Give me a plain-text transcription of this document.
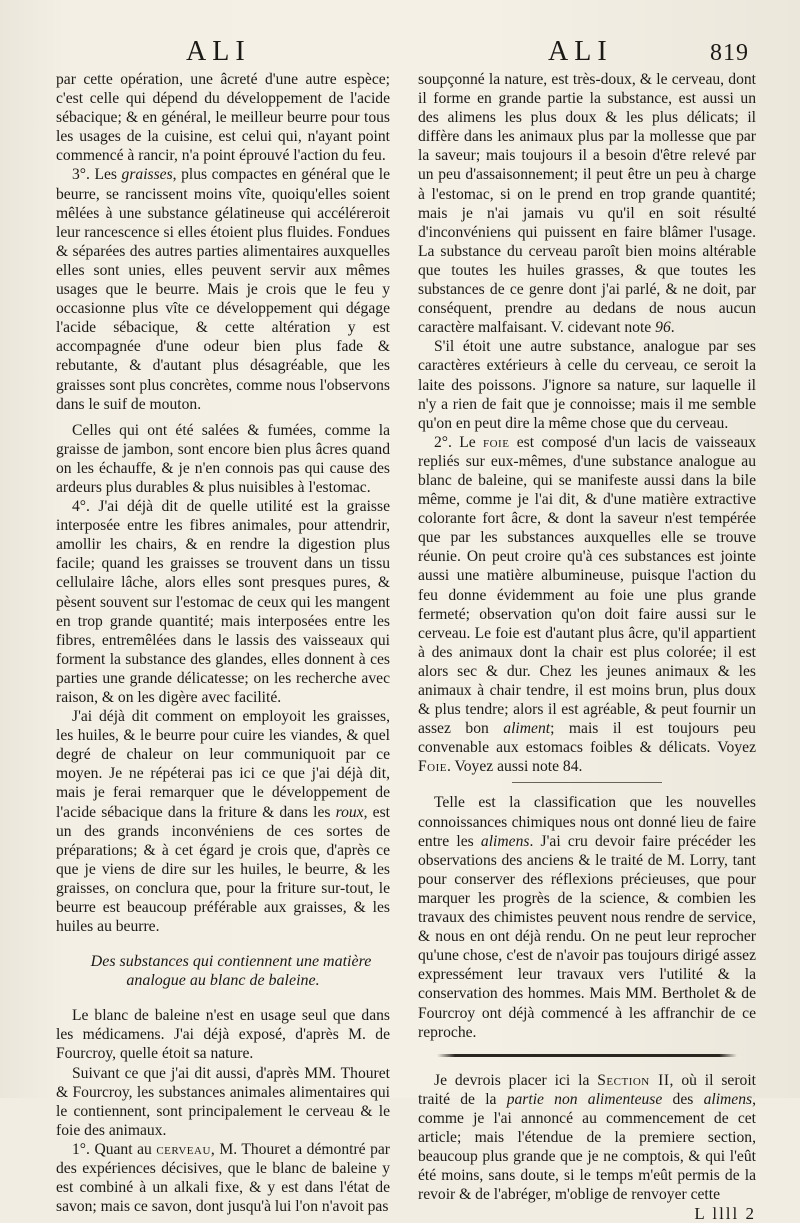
ALI	ALI	819

par cette opération, une âcreté d'une autre espèce; c'est celle qui dépend du développement de l'acide sébacique; & en général, le meilleur beurre pour tous les usages de la cuisine, est celui qui, n'ayant point commencé à rancir, n'a point éprouvé l'action du feu.

3°. Les graisses, plus compactes en général que le beurre, se rancissent moins vîte, quoiqu'elles soient mêlées à une substance gélatineuse qui accéléreroit leur rancescence si elles étoient plus fluides. Fondues & séparées des autres parties alimentaires auxquelles elles sont unies, elles peuvent servir aux mêmes usages que le beurre. Mais je crois que le feu y occasionne plus vîte ce développement qui dégage l'acide sébacique, & cette altération y est accompagnée d'une odeur bien plus fade & rebutante, & d'autant plus désagréable, que les graisses sont plus concrètes, comme nous l'observons dans le suif de mouton.

Celles qui ont été salées & fumées, comme la graisse de jambon, sont encore bien plus âcres quand on les échauffe, & je n'en connois pas qui cause des ardeurs plus durables & plus nuisibles à l'estomac.

4°. J'ai déjà dit de quelle utilité est la graisse interposée entre les fibres animales, pour attendrir, amollir les chairs, & en rendre la digestion plus facile; quand les graisses se trouvent dans un tissu cellulaire lâche, alors elles sont presques pures, & pèsent souvent sur l'estomac de ceux qui les mangent en trop grande quantité; mais interposées entre les fibres, entremêlées dans le lassis des vaisseaux qui forment la substance des glandes, elles donnent à ces parties une grande délicatesse; on les recherche avec raison, & on les digère avec facilité.

J'ai déjà dit comment on employoit les graisses, les huiles, & le beurre pour cuire les viandes, & quel degré de chaleur on leur communiquoit par ce moyen. Je ne répéterai pas ici ce que j'ai déjà dit, mais je ferai remarquer que le développement de l'acide sébacique dans la friture & dans les roux, est un des grands inconvéniens de ces sortes de préparations; & à cet égard je crois que, d'après ce que je viens de dire sur les huiles, le beurre, & les graisses, on conclura que, pour la friture sur-tout, le beurre est beaucoup préférable aux graisses, & les huiles au beurre.

Des substances qui contiennent une matière analogue au blanc de baleine.

Le blanc de baleine n'est en usage seul que dans les médicamens. J'ai déjà exposé, d'après M. de Fourcroy, quelle étoit sa nature.

Suivant ce que j'ai dit aussi, d'après MM. Thouret & Fourcroy, les substances animales alimentaires qui le contiennent, sont principalement le cerveau & le foie des animaux.

1°. Quant au cerveau, M. Thouret a démontré par des expériences décisives, que le blanc de baleine y est combiné à un alkali fixe, & y est dans l'état de savon; mais ce savon, dont jusqu'à lui l'on n'avoit pas

soupçonné la nature, est très-doux, & le cerveau, dont il forme en grande partie la substance, est aussi un des alimens les plus doux & les plus délicats; il diffère dans les animaux plus par la mollesse que par la saveur; mais toujours il a besoin d'être relevé par un peu d'assaisonnement; il peut être un peu à charge à l'estomac, si on le prend en trop grande quantité; mais je n'ai jamais vu qu'il en soit résulté d'inconvéniens qui puissent en faire blâmer l'usage. La substance du cerveau paroît bien moins altérable que toutes les huiles grasses, & que toutes les substances de ce genre dont j'ai parlé, & ne doit, par conséquent, prendre au dedans de nous aucun caractère malfaisant. V. cidevant note 96.

S'il étoit une autre substance, analogue par ses caractères extérieurs à celle du cerveau, ce seroit la laite des poissons. J'ignore sa nature, sur laquelle il n'y a rien de fait que je connoisse; mais il me semble qu'on en peut dire la même chose que du cerveau.

2°. Le foie est composé d'un lacis de vaisseaux repliés sur eux-mêmes, d'une substance analogue au blanc de baleine, qui se manifeste aussi dans la bile même, comme je l'ai dit, & d'une matière extractive colorante fort âcre, & dont la saveur n'est tempérée que par les substances auxquelles elle se trouve réunie. On peut croire qu'à ces substances est jointe aussi une matière albumineuse, puisque l'action du feu donne évidemment au foie une plus grande fermeté; observation qu'on doit faire aussi sur le cerveau. Le foie est d'autant plus âcre, qu'il appartient à des animaux dont la chair est plus colorée; il est alors sec & dur. Chez les jeunes animaux & les animaux à chair tendre, il est moins brun, plus doux & plus tendre; alors il est agréable, & peut fournir un assez bon aliment; mais il est toujours peu convenable aux estomacs foibles & délicats. Voyez Foie. Voyez aussi note 84.

Telle est la classification que les nouvelles connoissances chimiques nous ont donné lieu de faire entre les alimens. J'ai cru devoir faire précéder les observations des anciens & le traité de M. Lorry, tant pour conserver des réflexions précieuses, que pour marquer les progrès de la science, & combien les travaux des chimistes peuvent nous rendre de service, & nous en ont déjà rendu. On ne peut leur reprocher qu'une chose, c'est de n'avoir pas toujours dirigé assez expressément leur travaux vers l'utilité & la conservation des hommes. Mais MM. Bertholet & de Fourcroy ont déjà commencé à les affranchir de ce reproche.

Je devrois placer ici la Section II, où il seroit traité de la partie non alimenteuse des alimens, comme je l'ai annoncé au commencement de cet article; mais l'étendue de la premiere section, beaucoup plus grande que je ne comptois, & qui l'eût été moins, sans doute, si le temps m'eût permis de la revoir & de l'abréger, m'oblige de renvoyer cette

L llll 2
